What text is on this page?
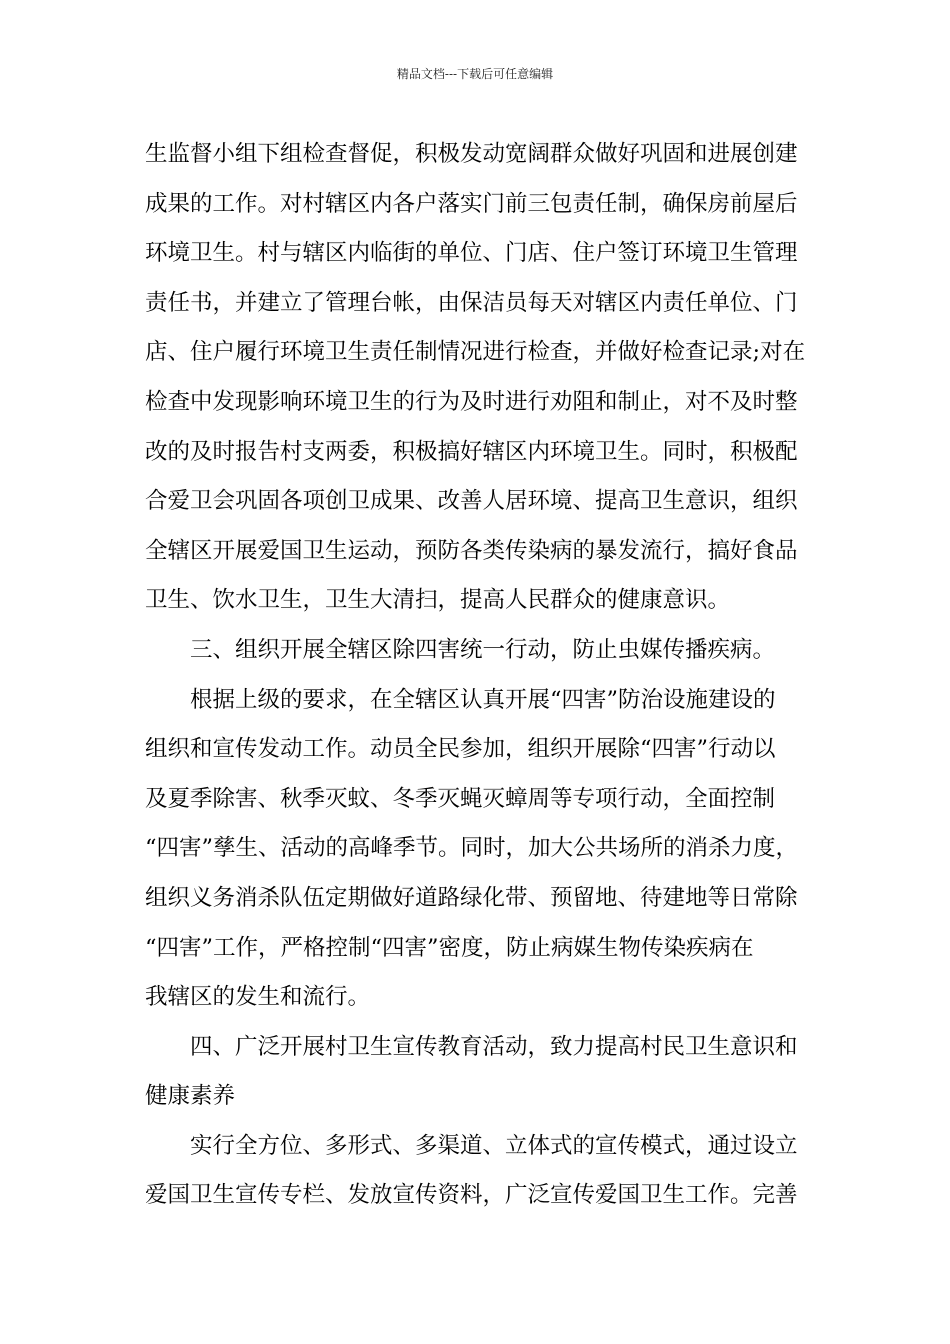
精品文档---下载后可任意编辑
生监督小组下组检查督促，积极发动宽阔群众做好巩固和进展创建
成果的工作。对村辖区内各户落实门前三包责任制，确保房前屋后
环境卫生。村与辖区内临街的单位、门店、住户签订环境卫生管理
责任书，并建立了管理台帐，由保洁员每天对辖区内责任单位、门
店、住户履行环境卫生责任制情况进行检查，并做好检查记录;对在
检查中发现影响环境卫生的行为及时进行劝阻和制止，对不及时整
改的及时报告村支两委，积极搞好辖区内环境卫生。同时，积极配
合爱卫会巩固各项创卫成果、改善人居环境、提高卫生意识，组织
全辖区开展爱国卫生运动，预防各类传染病的暴发流行，搞好食品
卫生、饮水卫生，卫生大清扫，提高人民群众的健康意识。
三、组织开展全辖区除四害统一行动，防止虫媒传播疾病。
根据上级的要求，在全辖区认真开展“四害”防治设施建设的
组织和宣传发动工作。动员全民参加，组织开展除“四害”行动以
及夏季除害、秋季灭蚊、冬季灭蝇灭蟑周等专项行动，全面控制
“四害”孳生、活动的高峰季节。同时，加大公共场所的消杀力度，
组织义务消杀队伍定期做好道路绿化带、预留地、待建地等日常除
“四害”工作，严格控制“四害”密度，防止病媒生物传染疾病在
我辖区的发生和流行。
四、广泛开展村卫生宣传教育活动，致力提高村民卫生意识和
健康素养
实行全方位、多形式、多渠道、立体式的宣传模式，通过设立
爱国卫生宣传专栏、发放宣传资料，广泛宣传爱国卫生工作。完善
